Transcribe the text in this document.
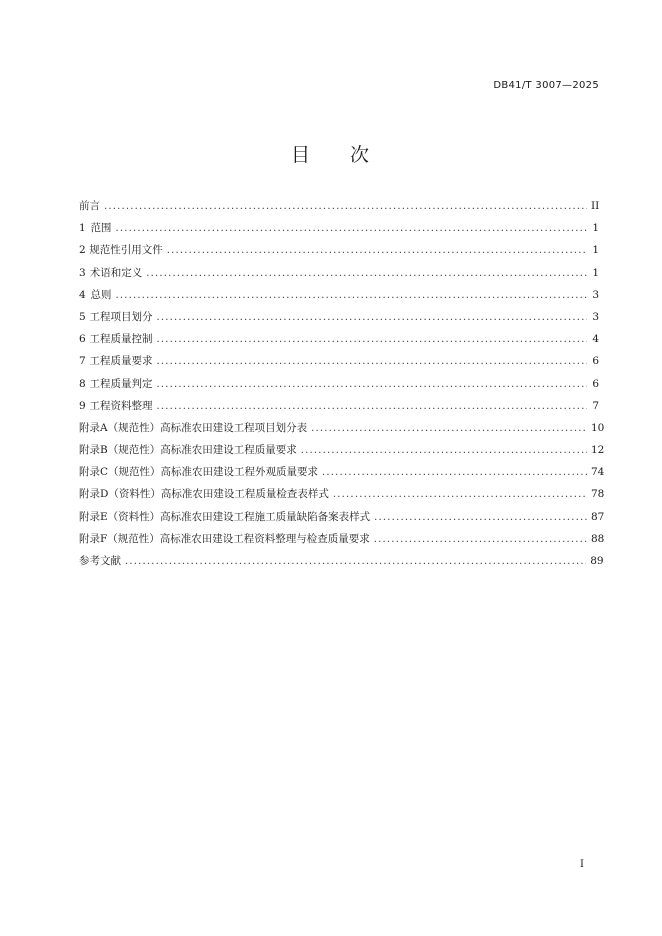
DB41/T 3007—2025
目 次
前言 .....	II
1 范围 .....	1
2 规范性引用文件 .....	1
3 术语和定义 .....	1
4 总则 .....	3
5 工程项目划分 .....	3
6 工程质量控制 .....	4
7 工程质量要求 .....	6
8 工程质量判定 .....	6
9 工程资料整理 .....	7
附录A（规范性） 高标准农田建设工程项目划分表 .....	10
附录B（规范性） 高标准农田建设工程质量要求 .....	12
附录C（规范性） 高标准农田建设工程外观质量要求 .....	74
附录D（资料性） 高标准农田建设工程质量检查表样式 .....	78
附录E（资料性） 高标准农田建设工程施工质量缺陷备案表样式 .....	87
附录F（规范性） 高标准农田建设工程资料整理与检查质量要求 .....	88
参考文献 .....	89
I
